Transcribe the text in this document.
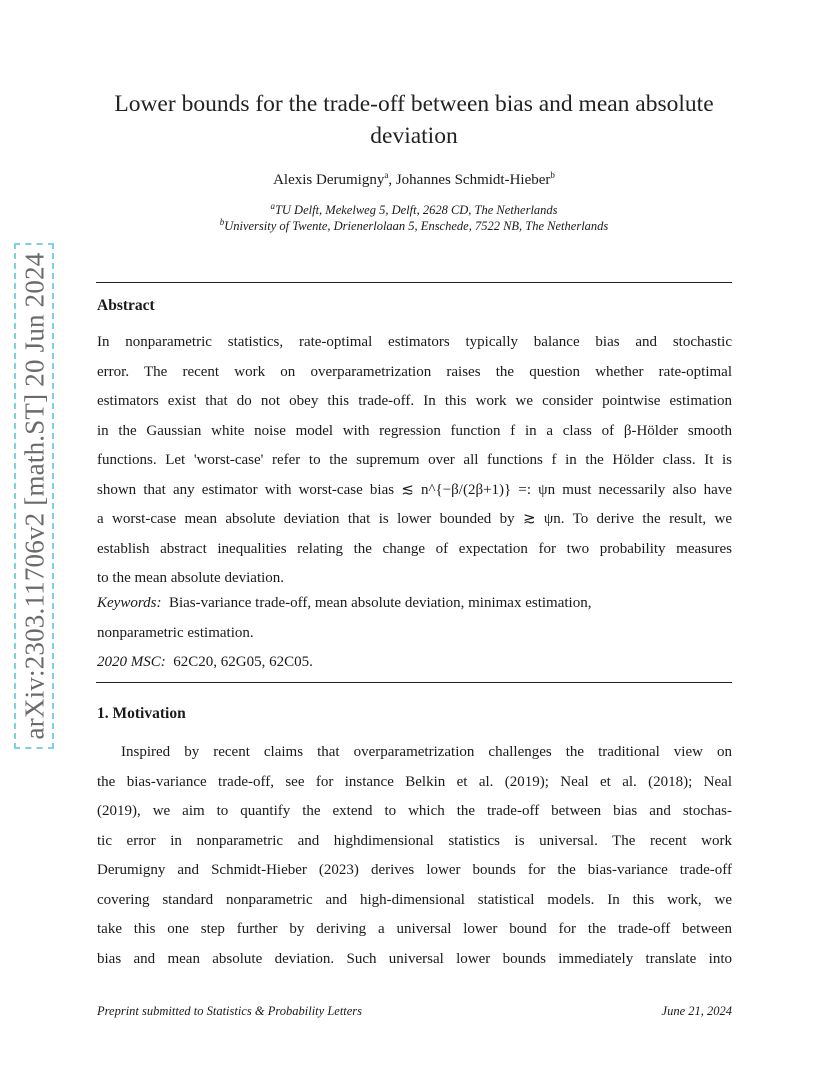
arXiv:2303.11706v2 [math.ST] 20 Jun 2024
Lower bounds for the trade-off between bias and mean absolute deviation
Alexis Derumigny$^a$, Johannes Schmidt-Hieber$^b$
$^a$TU Delft, Mekelweg 5, Delft, 2628 CD, The Netherlands
$^b$University of Twente, Drienerlolaan 5, Enschede, 7522 NB, The Netherlands
Abstract
In nonparametric statistics, rate-optimal estimators typically balance bias and stochastic
error. The recent work on overparametrization raises the question whether rate-optimal
estimators exist that do not obey this trade-off. In this work we consider pointwise estimation
in the Gaussian white noise model with regression function f in a class of β-Hölder smooth
functions. Let 'worst-case' refer to the supremum over all functions f in the Hölder class. It is
shown that any estimator with worst-case bias ≲ n^{−β/(2β+1)} =: ψn must necessarily also have
a worst-case mean absolute deviation that is lower bounded by ≳ ψn. To derive the result, we
establish abstract inequalities relating the change of expectation for two probability measures
to the mean absolute deviation.
Keywords: Bias-variance trade-off, mean absolute deviation, minimax estimation,
nonparametric estimation.
2020 MSC: 62C20, 62G05, 62C05.
1. Motivation
Inspired by recent claims that overparametrization challenges the traditional view on
the bias-variance trade-off, see for instance Belkin et al. (2019); Neal et al. (2018); Neal
(2019), we aim to quantify the extend to which the trade-off between bias and stochas-
tic error in nonparametric and highdimensional statistics is universal. The recent work
Derumigny and Schmidt-Hieber (2023) derives lower bounds for the bias-variance trade-off
covering standard nonparametric and high-dimensional statistical models. In this work, we
take this one step further by deriving a universal lower bound for the trade-off between
bias and mean absolute deviation. Such universal lower bounds immediately translate into
Preprint submitted to Statistics & Probability Letters	June 21, 2024
